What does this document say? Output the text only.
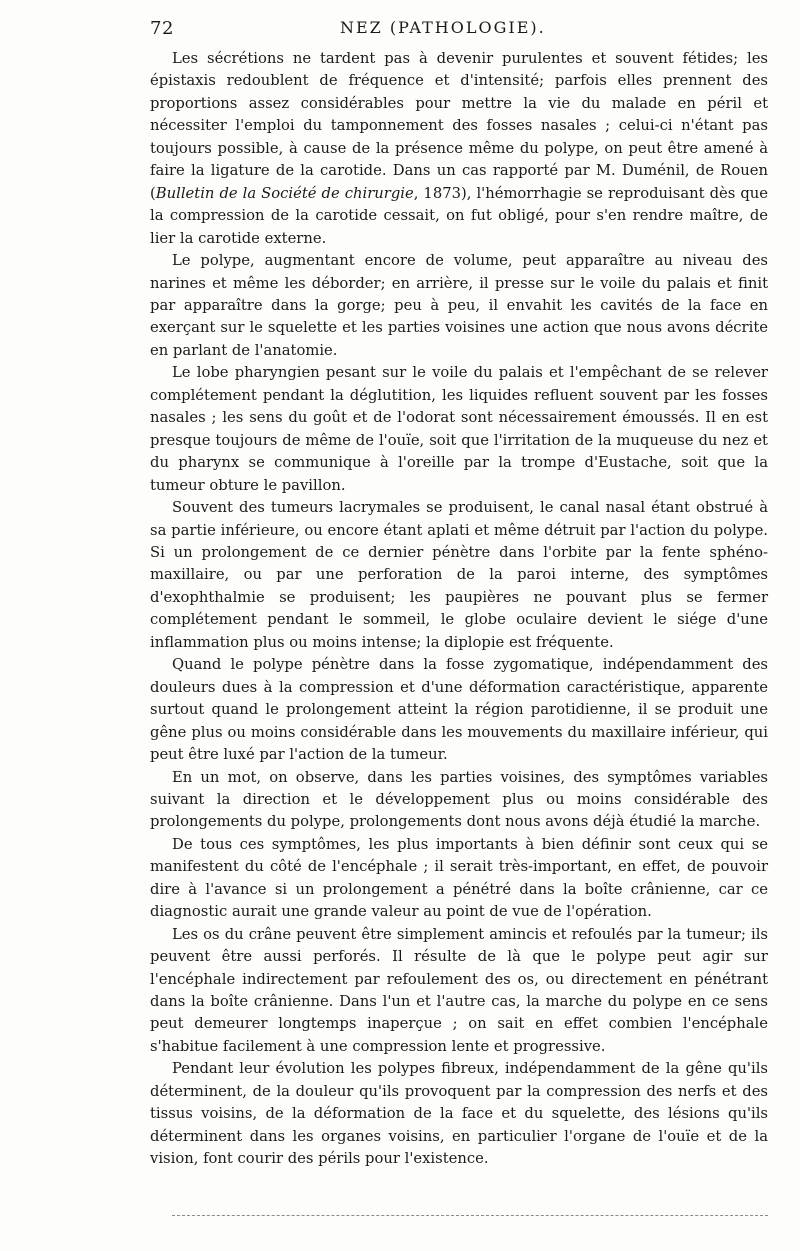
72	NEZ (PATHOLOGIE).

Les sécrétions ne tardent pas à devenir purulentes et souvent fétides; les épistaxis redoublent de fréquence et d'intensité; parfois elles prennent des proportions assez considérables pour mettre la vie du malade en péril et nécessiter l'emploi du tamponnement des fosses nasales ; celui-ci n'étant pas toujours possible, à cause de la présence même du polype, on peut être amené à faire la ligature de la carotide. Dans un cas rapporté par M. Duménil, de Rouen (Bulletin de la Société de chirurgie, 1873), l'hémorrhagie se reproduisant dès que la compression de la carotide cessait, on fut obligé, pour s'en rendre maître, de lier la carotide externe.

Le polype, augmentant encore de volume, peut apparaître au niveau des narines et même les déborder; en arrière, il presse sur le voile du palais et finit par apparaître dans la gorge; peu à peu, il envahit les cavités de la face en exerçant sur le squelette et les parties voisines une action que nous avons décrite en parlant de l'anatomie.

Le lobe pharyngien pesant sur le voile du palais et l'empêchant de se relever complétement pendant la déglutition, les liquides refluent souvent par les fosses nasales ; les sens du goût et de l'odorat sont nécessairement émoussés. Il en est presque toujours de même de l'ouïe, soit que l'irritation de la muqueuse du nez et du pharynx se communique à l'oreille par la trompe d'Eustache, soit que la tumeur obture le pavillon.

Souvent des tumeurs lacrymales se produisent, le canal nasal étant obstrué à sa partie inférieure, ou encore étant aplati et même détruit par l'action du polype. Si un prolongement de ce dernier pénètre dans l'orbite par la fente sphéno-maxillaire, ou par une perforation de la paroi interne, des symptômes d'exophthalmie se produisent; les paupières ne pouvant plus se fermer complétement pendant le sommeil, le globe oculaire devient le siége d'une inflammation plus ou moins intense; la diplopie est fréquente.

Quand le polype pénètre dans la fosse zygomatique, indépendamment des douleurs dues à la compression et d'une déformation caractéristique, apparente surtout quand le prolongement atteint la région parotidienne, il se produit une gêne plus ou moins considérable dans les mouvements du maxillaire inférieur, qui peut être luxé par l'action de la tumeur.

En un mot, on observe, dans les parties voisines, des symptômes variables suivant la direction et le développement plus ou moins considérable des prolongements du polype, prolongements dont nous avons déjà étudié la marche.

De tous ces symptômes, les plus importants à bien définir sont ceux qui se manifestent du côté de l'encéphale ; il serait très-important, en effet, de pouvoir dire à l'avance si un prolongement a pénétré dans la boîte crânienne, car ce diagnostic aurait une grande valeur au point de vue de l'opération.

Les os du crâne peuvent être simplement amincis et refoulés par la tumeur; ils peuvent être aussi perforés. Il résulte de là que le polype peut agir sur l'encéphale indirectement par refoulement des os, ou directement en pénétrant dans la boîte crânienne. Dans l'un et l'autre cas, la marche du polype en ce sens peut demeurer longtemps inaperçue ; on sait en effet combien l'encéphale s'habitue facilement à une compression lente et progressive.

Pendant leur évolution les polypes fibreux, indépendamment de la gêne qu'ils déterminent, de la douleur qu'ils provoquent par la compression des nerfs et des tissus voisins, de la déformation de la face et du squelette, des lésions qu'ils déterminent dans les organes voisins, en particulier l'organe de l'ouïe et de la vision, font courir des périls pour l'existence.
